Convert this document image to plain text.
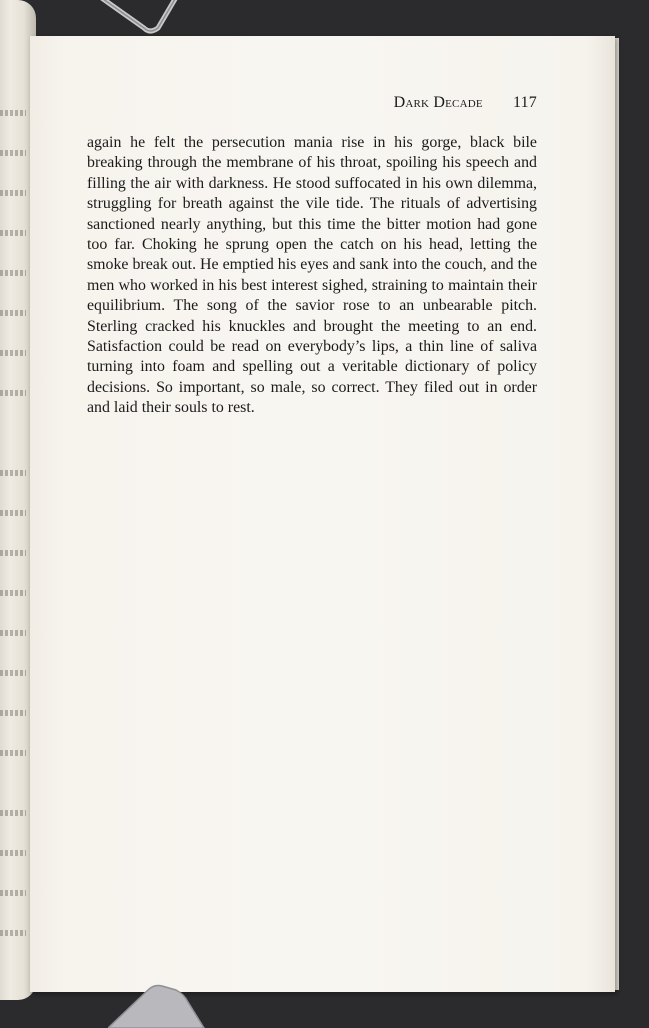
Dark Decade 117

again he felt the persecution mania rise in his gorge, black bile breaking through the membrane of his throat, spoiling his speech and filling the air with darkness. He stood suffocated in his own dilemma, struggling for breath against the vile tide. The rituals of advertising sanctioned nearly anything, but this time the bitter motion had gone too far. Choking he sprung open the catch on his head, letting the smoke break out. He emptied his eyes and sank into the couch, and the men who worked in his best interest sighed, straining to maintain their equilibrium. The song of the savior rose to an unbearable pitch. Sterling cracked his knuckles and brought the meeting to an end. Satisfaction could be read on everybody’s lips, a thin line of saliva turning into foam and spelling out a veritable dictionary of policy decisions. So important, so male, so correct. They filed out in order and laid their souls to rest.
